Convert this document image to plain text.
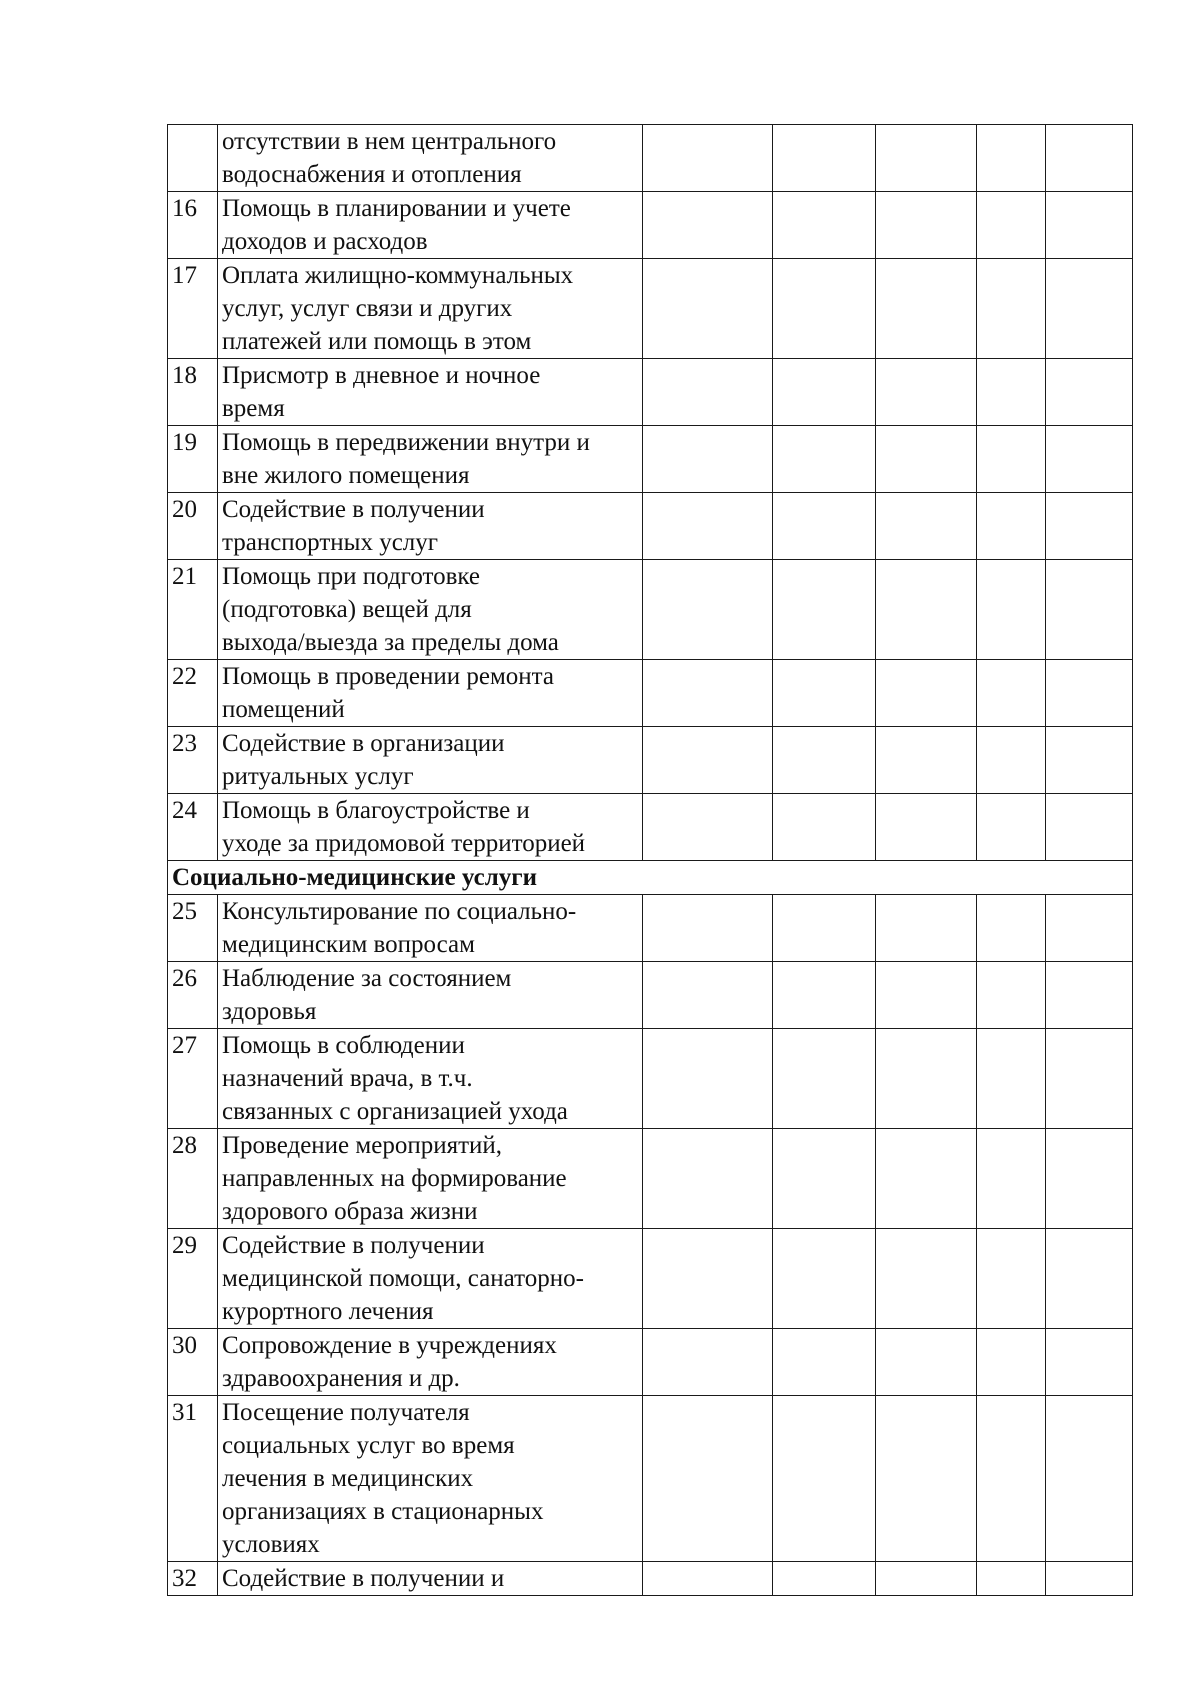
	отсутствии в нем центрального
водоснабжения и отопления					

16	Помощь в планировании и учете
доходов и расходов					

17	Оплата жилищно-коммунальных
услуг, услуг связи и других
платежей или помощь в этом					

18	Присмотр в дневное и ночное
время					

19	Помощь в передвижении внутри и
вне жилого помещения					

20	Содействие в получении
транспортных услуг					

21	Помощь при подготовке
(подготовка) вещей для
выхода/выезда за пределы дома					

22	Помощь в проведении ремонта
помещений					

23	Содействие в организации
ритуальных услуг					

24	Помощь в благоустройстве и
уходе за придомовой территорией					

Социально-медицинские услуги						
25	Консультирование по социально-
медицинским вопросам					

26	Наблюдение за состоянием
здоровья					

27	Помощь в соблюдении
назначений врача, в т.ч.
связанных с организацией ухода					

28	Проведение мероприятий,
направленных на формирование
здорового образа жизни					

29	Содействие в получении
медицинской помощи, санаторно-
курортного лечения					

30	Сопровождение в учреждениях
здравоохранения и др.					

31	Посещение получателя
социальных услуг во время
лечения в медицинских
организациях в стационарных
условиях					

32	Содействие в получении и					
